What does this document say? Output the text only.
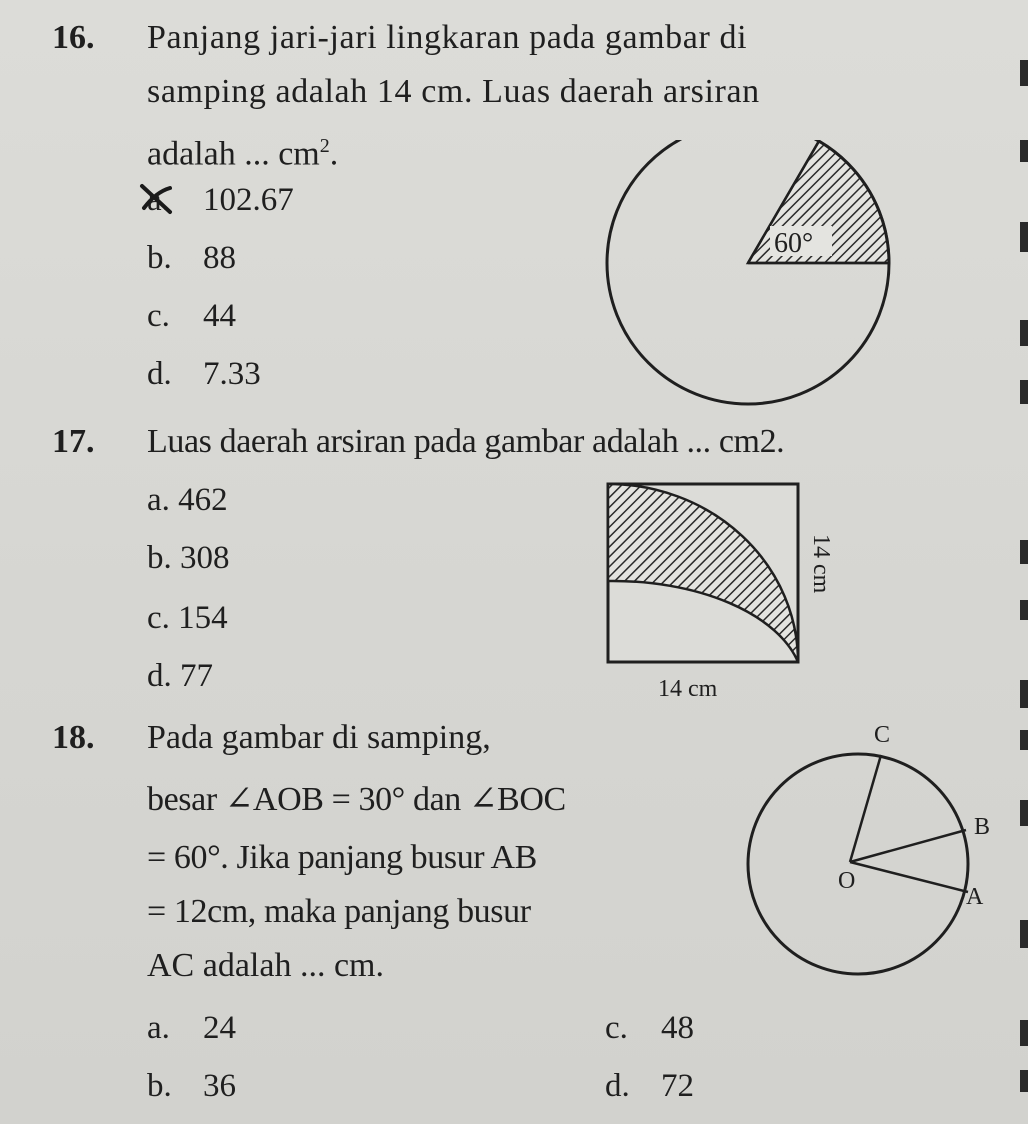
16. Panjang jari-jari lingkaran pada gambar di
samping adalah 14 cm. Luas daerah arsiran
adalah ... $cm^2$.
a. 102.67
b. 88
c. 44
d. 7.33
60°
17. Luas daerah arsiran pada gambar adalah ... cm2.
a. 462
b. 308
c. 154
d. 77
14 cm
14 cm
18. Pada gambar di samping,
besar ∠AOB = 30° dan ∠BOC
= 60°. Jika panjang busur AB
= 12cm, maka panjang busur
AC adalah ... cm.
a. 24
b. 36
c. 48
d. 72
C
B
O
A
